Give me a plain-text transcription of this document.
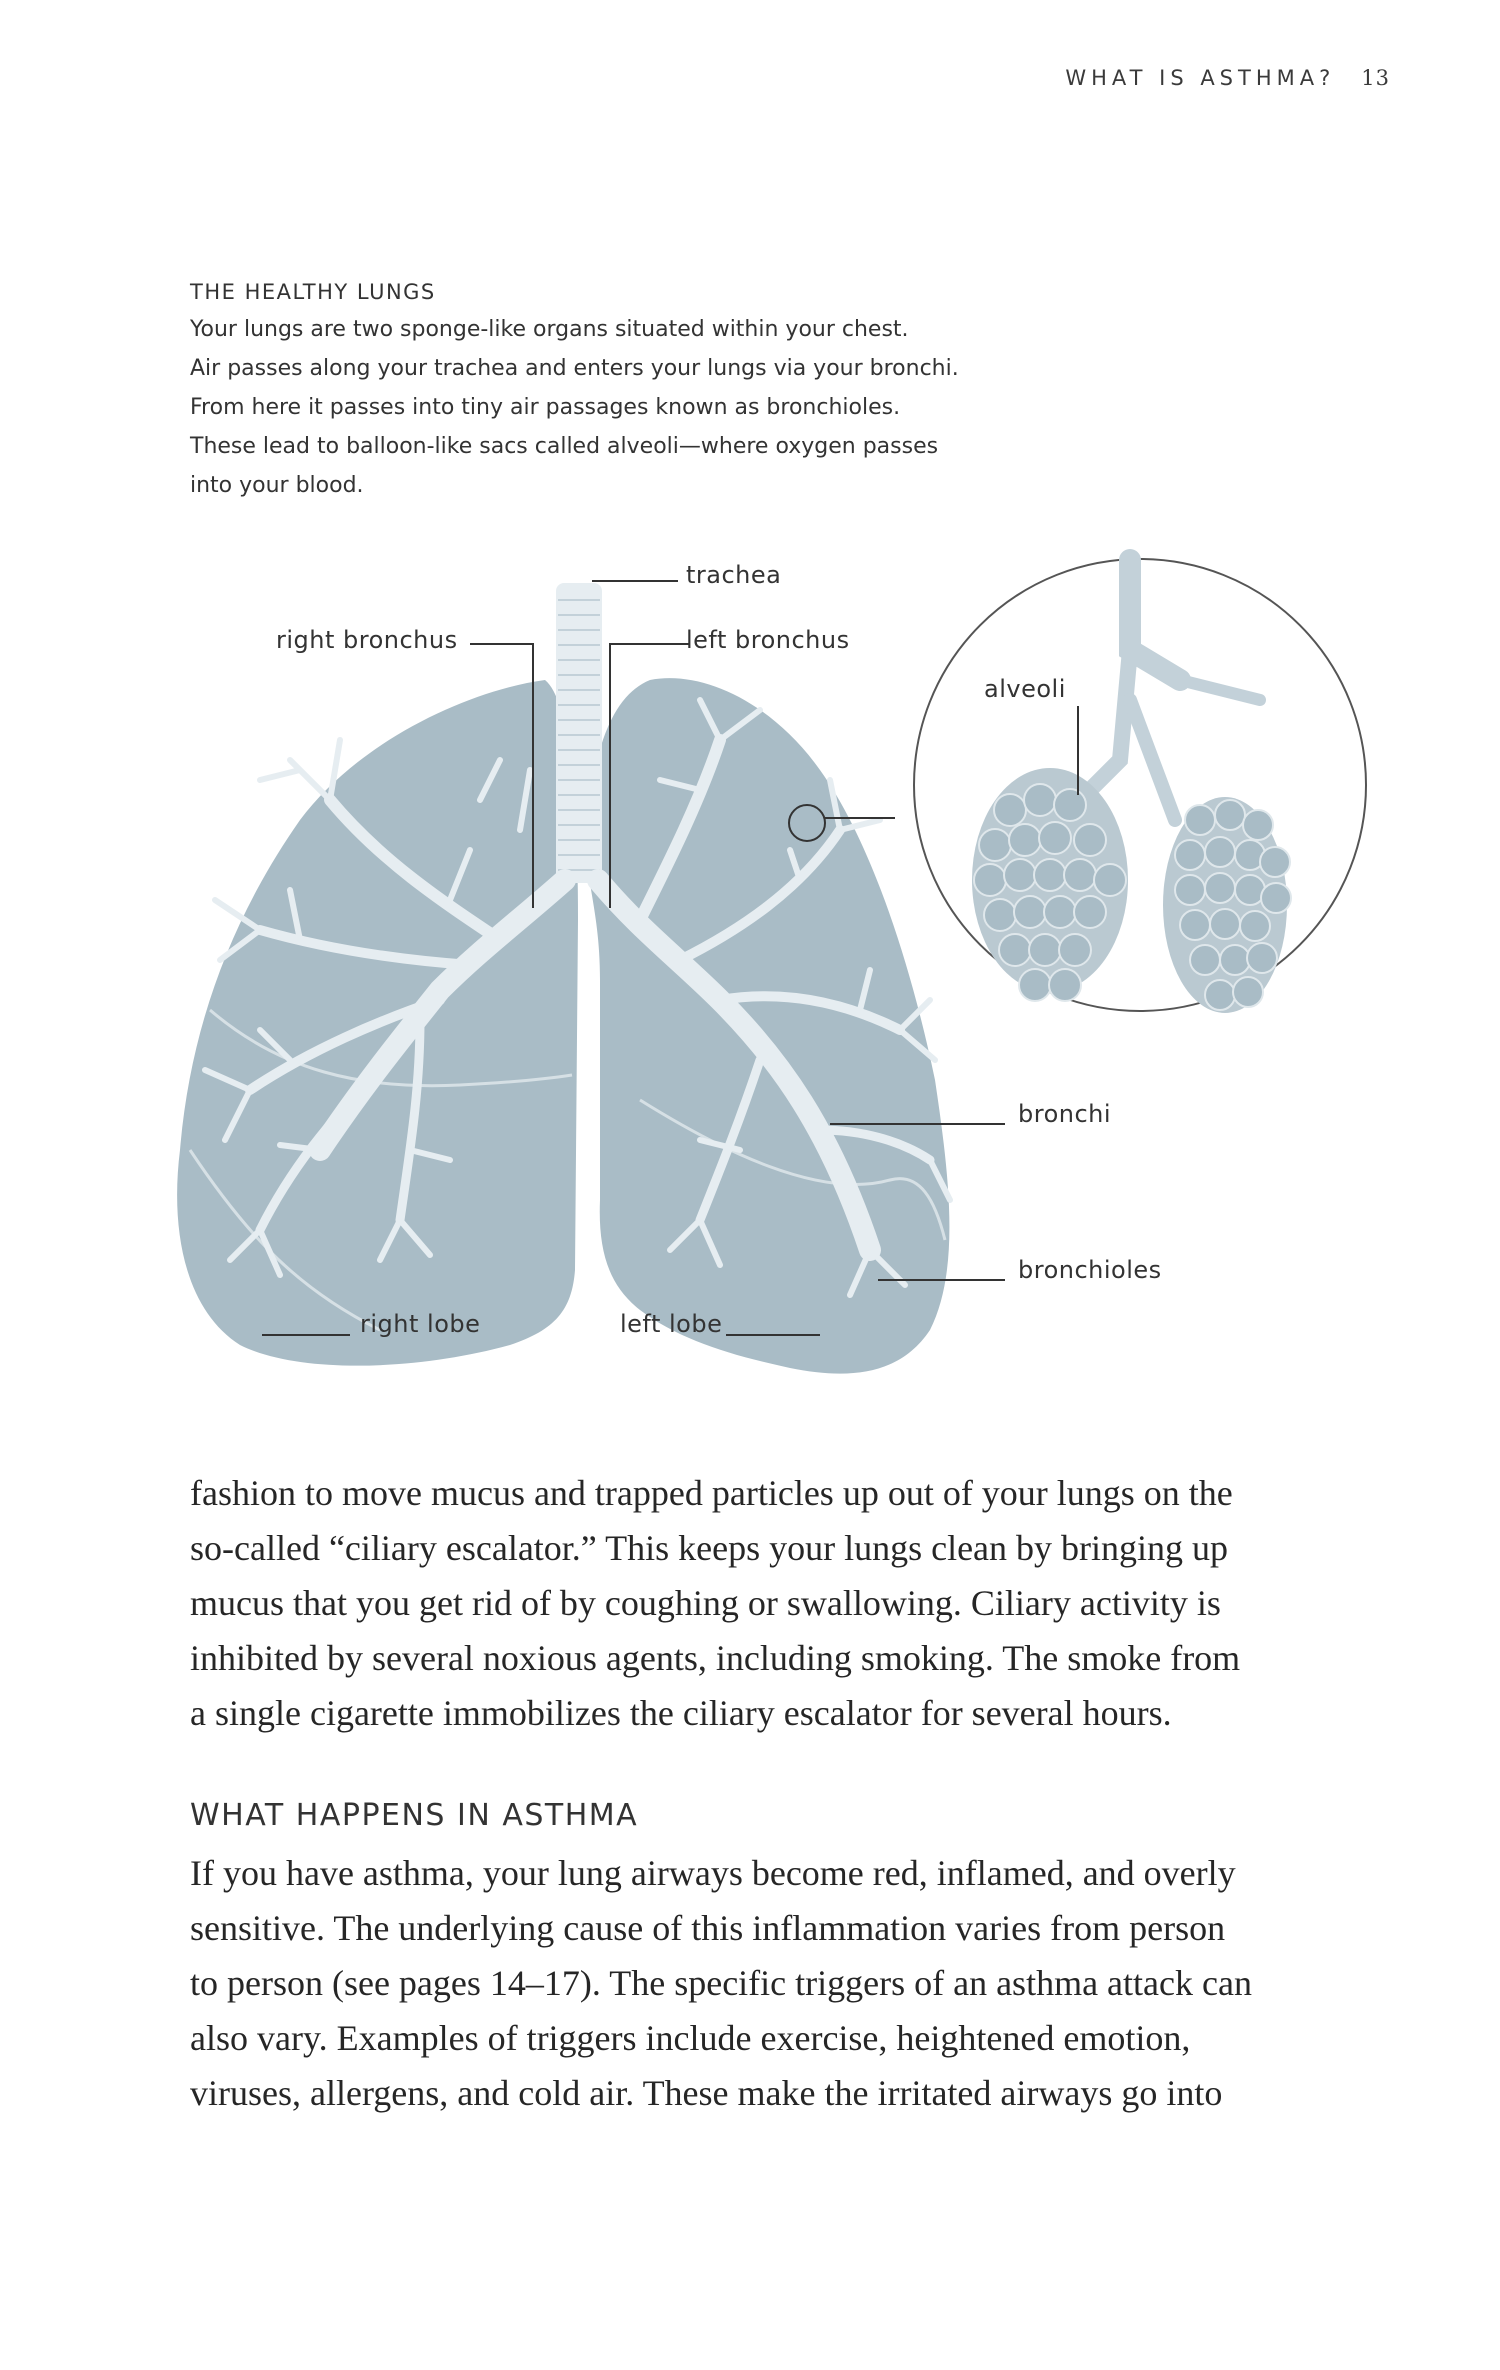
WHAT IS ASTHMA? 13
THE HEALTHY LUNGS

Your lungs are two sponge-like organs situated within your chest.
Air passes along your trachea and enters your lungs via your bronchi.
From here it passes into tiny air passages known as bronchioles.
These lead to balloon-like sacs called alveoli—where oxygen passes
into your blood.

trachea
right bronchus	left bronchus
alveoli
bronchi
bronchioles
right lobe	left lobe

fashion to move mucus and trapped particles up out of your lungs on the
so-called “ciliary escalator.” This keeps your lungs clean by bringing up
mucus that you get rid of by coughing or swallowing. Ciliary activity is
inhibited by several noxious agents, including smoking. The smoke from
a single cigarette immobilizes the ciliary escalator for several hours.

WHAT HAPPENS IN ASTHMA

If you have asthma, your lung airways become red, inflamed, and overly
sensitive. The underlying cause of this inflammation varies from person
to person (see pages 14–17). The specific triggers of an asthma attack can
also vary. Examples of triggers include exercise, heightened emotion,
viruses, allergens, and cold air. These make the irritated airways go into
